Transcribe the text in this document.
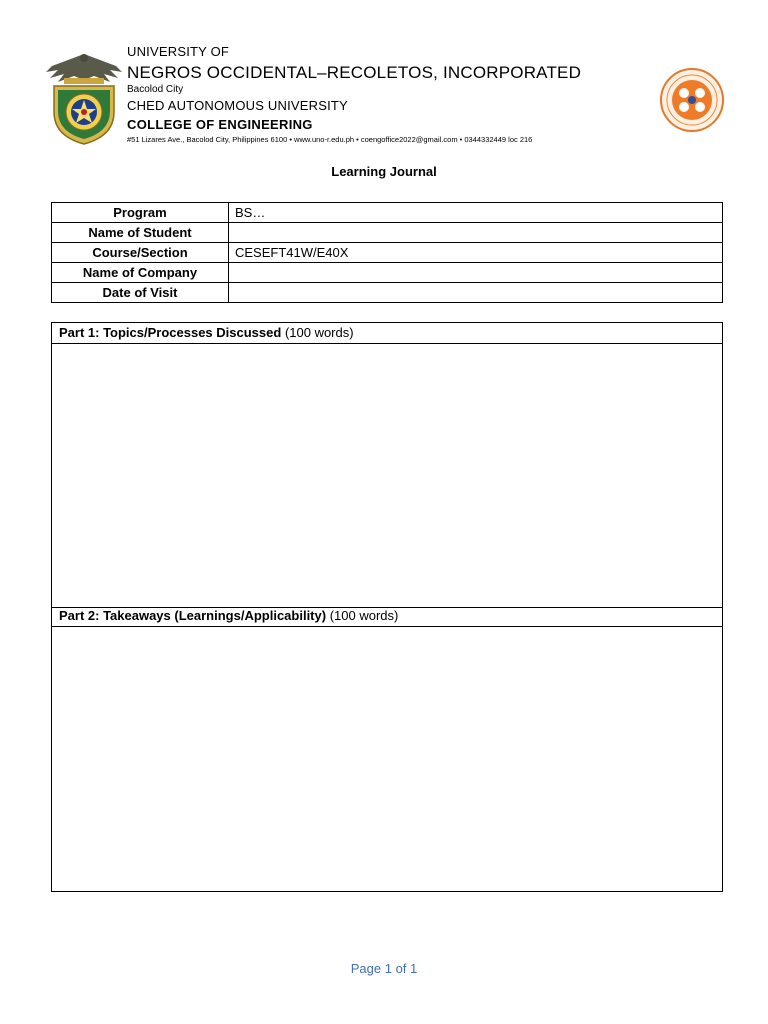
UNIVERSITY OF
NEGROS OCCIDENTAL–RECOLETOS, INCORPORATED
Bacolod City
CHED AUTONOMOUS UNIVERSITY
COLLEGE OF ENGINEERING
#51 Lizares Ave., Bacolod City, Philippines 6100 • www.uno-r.edu.ph • coengoffice2022@gmail.com • 0344332449 loc 216
Learning Journal
Program	BS…
Name of Student	
Course/Section	CESEFT41W/E40X
Name of Company	
Date of Visit	
Part 1: Topics/Processes Discussed (100 words)
Part 2: Takeaways (Learnings/Applicability) (100 words)
Page 1 of 1
